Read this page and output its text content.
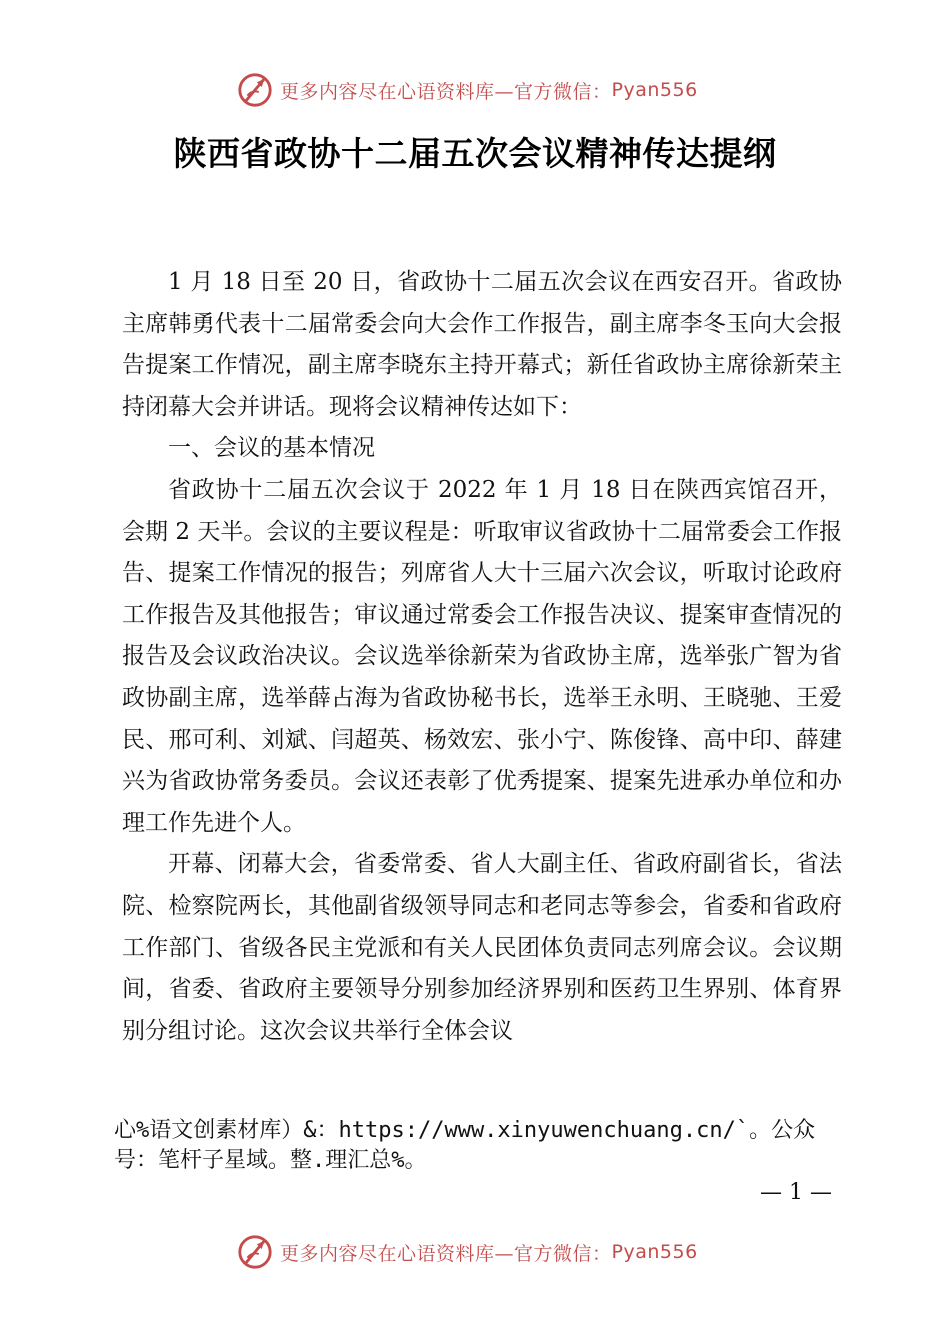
更多内容尽在心语资料库—官方微信： Pyan556
陕西省政协十二届五次会议精神传达提纲

1 月 18 日至 20 日，省政协十二届五次会议在西安召开。省政协主席韩勇代表十二届常委会向大会作工作报告，副主席李冬玉向大会报告提案工作情况，副主席李晓东主持开幕式；新任省政协主席徐新荣主持闭幕大会并讲话。现将会议精神传达如下：

一、会议的基本情况

省政协十二届五次会议于 2022 年 1 月 18 日在陕西宾馆召开，会期 2 天半。会议的主要议程是：听取审议省政协十二届常委会工作报告、提案工作情况的报告；列席省人大十三届六次会议，听取讨论政府工作报告及其他报告；审议通过常委会工作报告决议、提案审查情况的报告及会议政治决议。会议选举徐新荣为省政协主席，选举张广智为省政协副主席，选举薛占海为省政协秘书长，选举王永明、王晓驰、王爱民、邢可利、刘斌、闫超英、杨效宏、张小宁、陈俊锋、高中印、薛建兴为省政协常务委员。会议还表彰了优秀提案、提案先进承办单位和办理工作先进个人。

开幕、闭幕大会，省委常委、省人大副主任、省政府副省长，省法院、检察院两长，其他副省级领导同志和老同志等参会，省委和省政府工作部门、省级各民主党派和有关人民团体负责同志列席会议。会议期间，省委、省政府主要领导分别参加经济界别和医药卫生界别、体育界别分组讨论。这次会议共举行全体会议

心%语文创素材库）&：https://www.xinyuwenchuang.cn/`。公众号：笔杆子星域。整.理汇总%。
— 1 —
更多内容尽在心语资料库—官方微信： Pyan556
